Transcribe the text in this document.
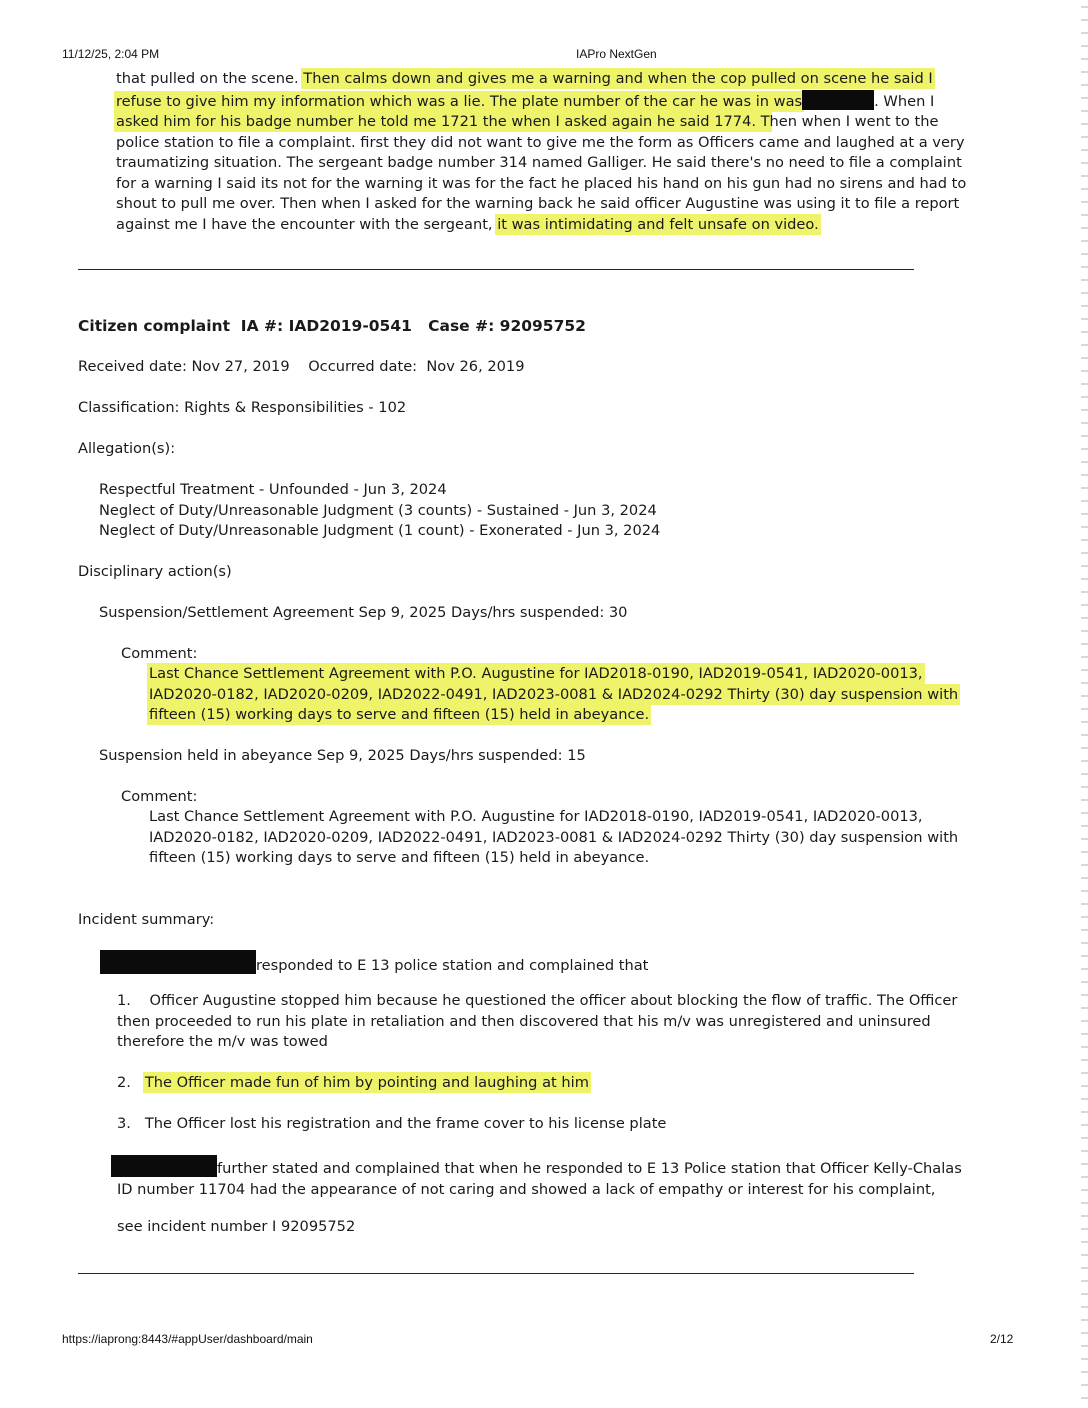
11/12/25, 2:04 PM	IAPro NextGen
that pulled on the scene. Then calms down and gives me a warning and when the cop pulled on scene he said I
refuse to give him my information which was a lie. The plate number of the car he was in was	. When I
asked him for his badge number he told me 1721 the when I asked again he said 1774. Then when I went to the
police station to file a complaint. first they did not want to give me the form as Officers came and laughed at a very
traumatizing situation. The sergeant badge number 314 named Galliger. He said there's no need to file a complaint
for a warning I said its not for the warning it was for the fact he placed his hand on his gun had no sirens and had to
shout to pull me over. Then when I asked for the warning back he said officer Augustine was using it to file a report
against me I have the encounter with the sergeant, it was intimidating and felt unsafe on video.
Citizen complaint IA #: IAD2019-0541 Case #: 92095752
Received date: Nov 27, 2019 Occurred date: Nov 26, 2019
Classification: Rights & Responsibilities - 102
Allegation(s):
Respectful Treatment - Unfounded - Jun 3, 2024
Neglect of Duty/Unreasonable Judgment (3 counts) - Sustained - Jun 3, 2024
Neglect of Duty/Unreasonable Judgment (1 count) - Exonerated - Jun 3, 2024
Disciplinary action(s)
Suspension/Settlement Agreement Sep 9, 2025 Days/hrs suspended: 30
Comment:
Last Chance Settlement Agreement with P.O. Augustine for IAD2018-0190, IAD2019-0541, IAD2020-0013,
IAD2020-0182, IAD2020-0209, IAD2022-0491, IAD2023-0081 & IAD2024-0292 Thirty (30) day suspension with
fifteen (15) working days to serve and fifteen (15) held in abeyance.
Suspension held in abeyance Sep 9, 2025 Days/hrs suspended: 15
Comment:
Last Chance Settlement Agreement with P.O. Augustine for IAD2018-0190, IAD2019-0541, IAD2020-0013,
IAD2020-0182, IAD2020-0209, IAD2022-0491, IAD2023-0081 & IAD2024-0292 Thirty (30) day suspension with
fifteen (15) working days to serve and fifteen (15) held in abeyance.
Incident summary:
responded to E 13 police station and complained that
1. Officer Augustine stopped him because he questioned the officer about blocking the flow of traffic. The Officer
then proceeded to run his plate in retaliation and then discovered that his m/v was unregistered and uninsured
therefore the m/v was towed
2. The Officer made fun of him by pointing and laughing at him
3. The Officer lost his registration and the frame cover to his license plate
further stated and complained that when he responded to E 13 Police station that Officer Kelly-Chalas
ID number 11704 had the appearance of not caring and showed a lack of empathy or interest for his complaint,
see incident number I 92095752
https://iaprong:8443/#appUser/dashboard/main	2/12
